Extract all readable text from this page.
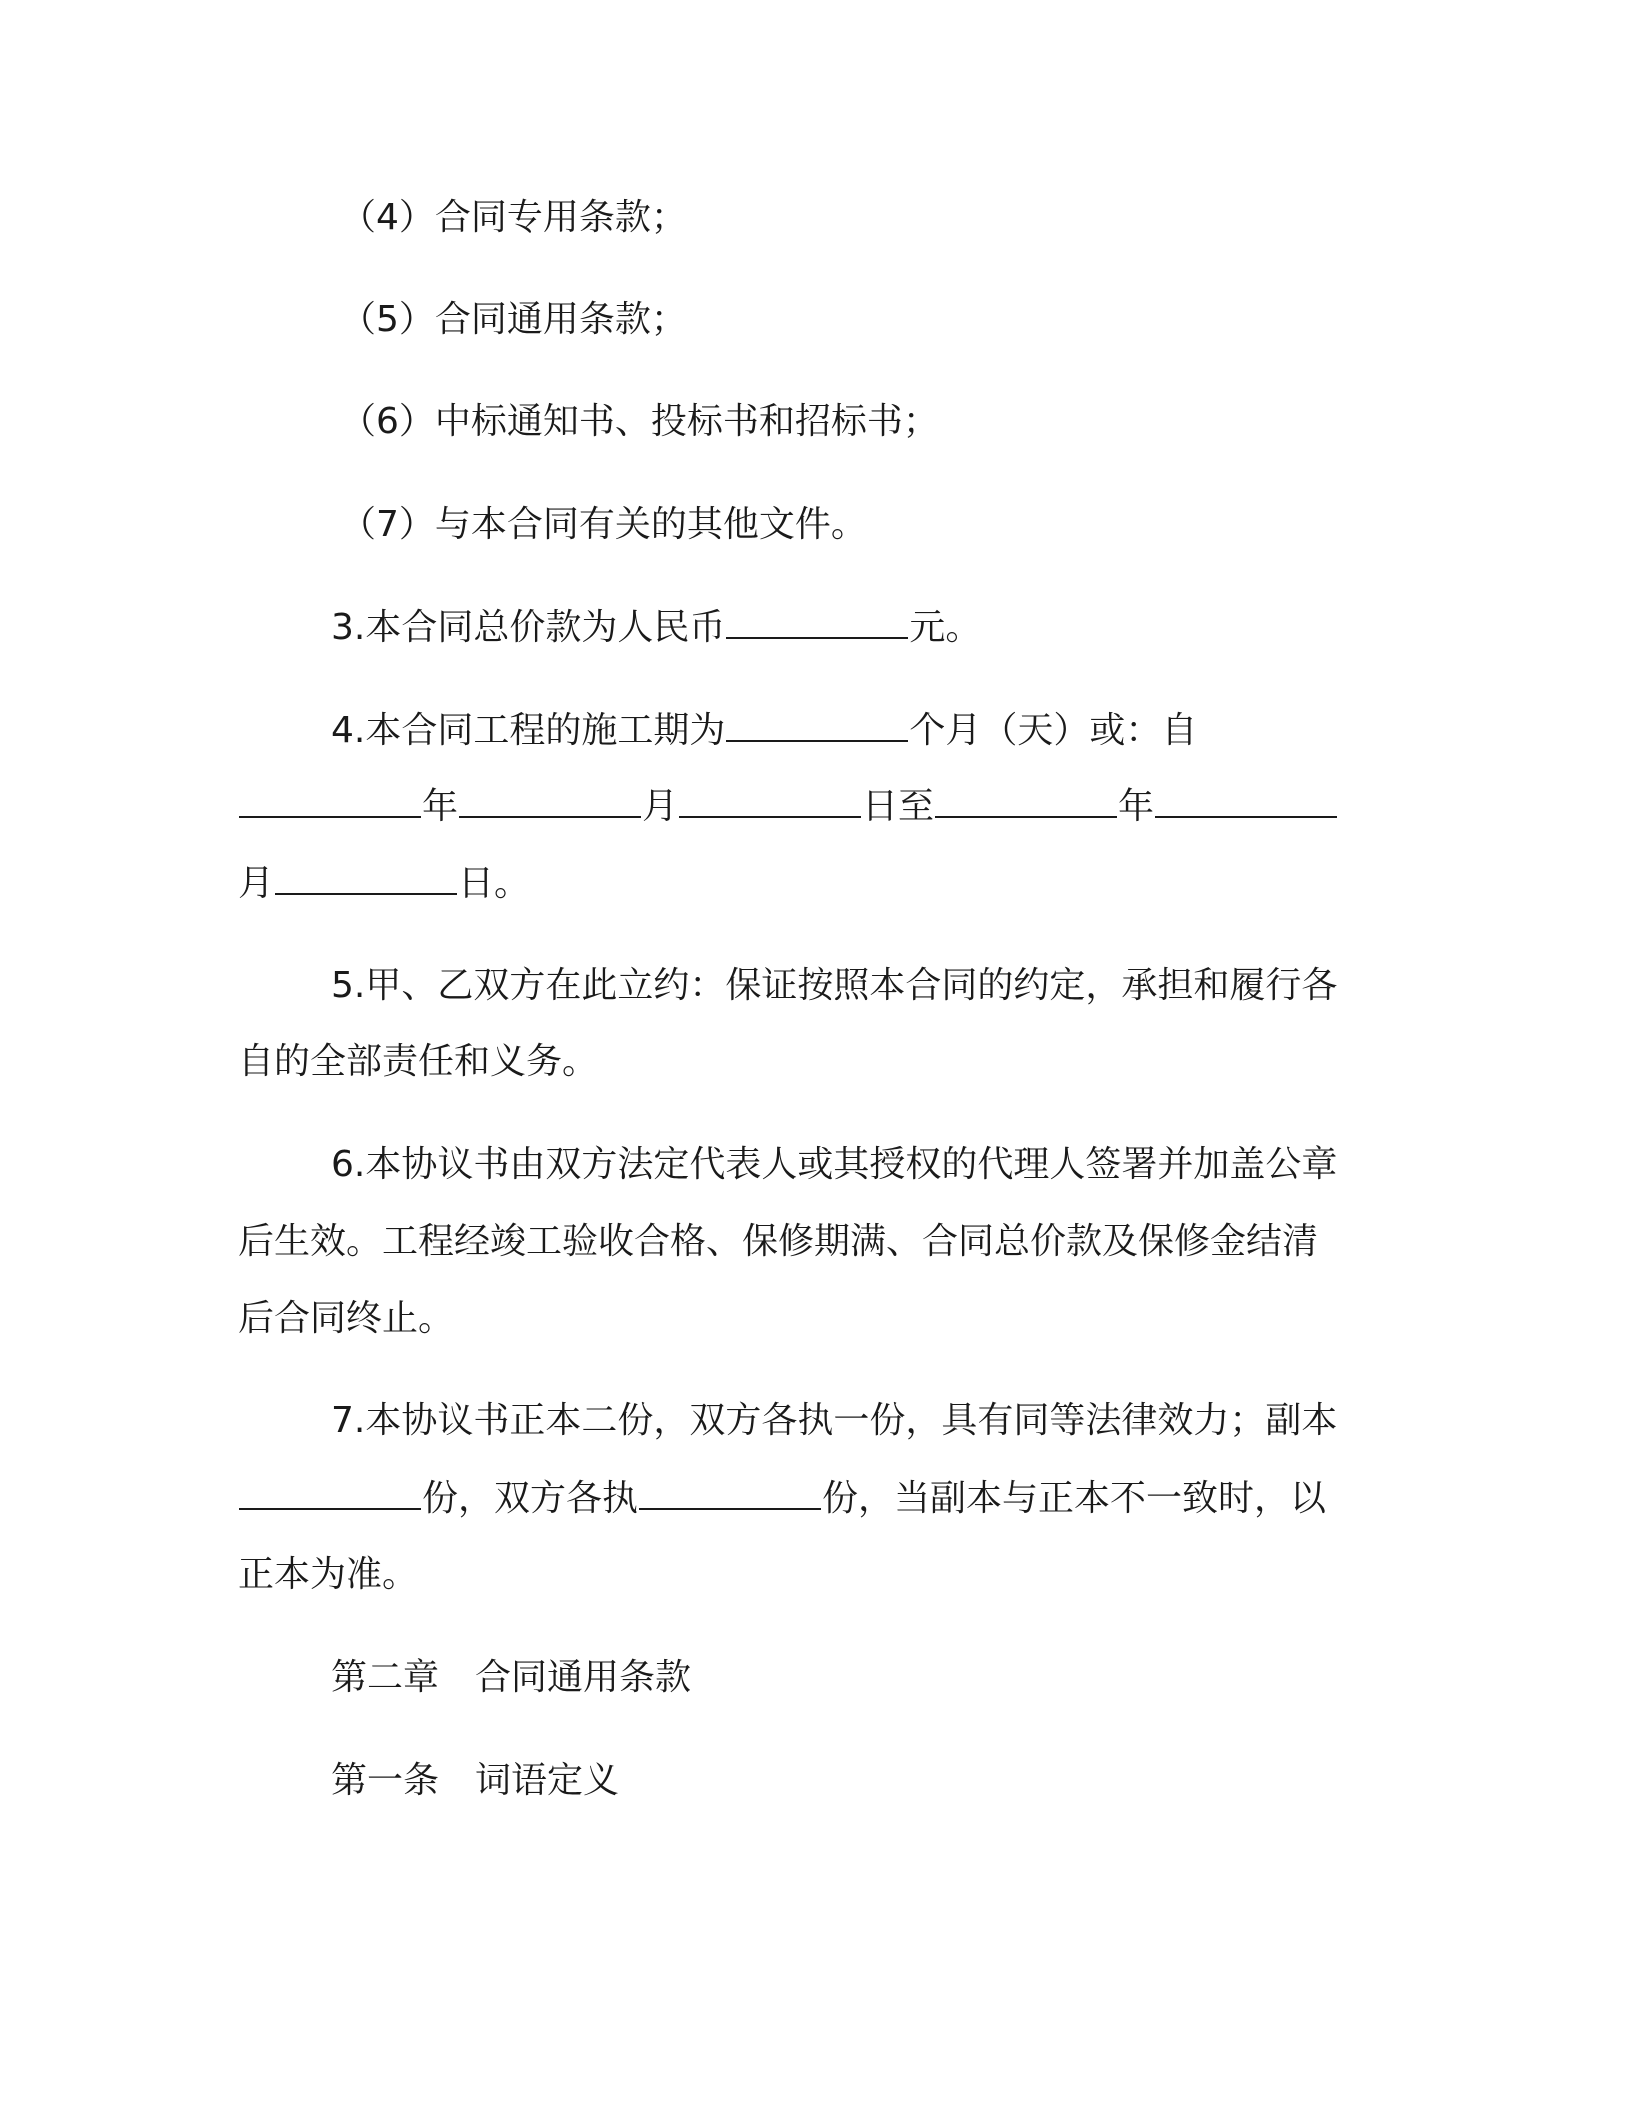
（4）合同专用条款；

（5）合同通用条款；

（6）中标通知书、投标书和招标书；

（7）与本合同有关的其他文件。

3.本合同总价款为人民币	元。

4.本合同工程的施工期为	个月（天）或：自

年	月	日至	年

月	日。

5.甲、乙双方在此立约：保证按照本合同的约定，承担和履行各

自的全部责任和义务。

6.本协议书由双方法定代表人或其授权的代理人签署并加盖公章

后生效。工程经竣工验收合格、保修期满、合同总价款及保修金结清

后合同终止。

7.本协议书正本二份，双方各执一份，具有同等法律效力；副本

份，双方各执	份，当副本与正本不一致时，以

正本为准。

第二章　合同通用条款

第一条　词语定义
